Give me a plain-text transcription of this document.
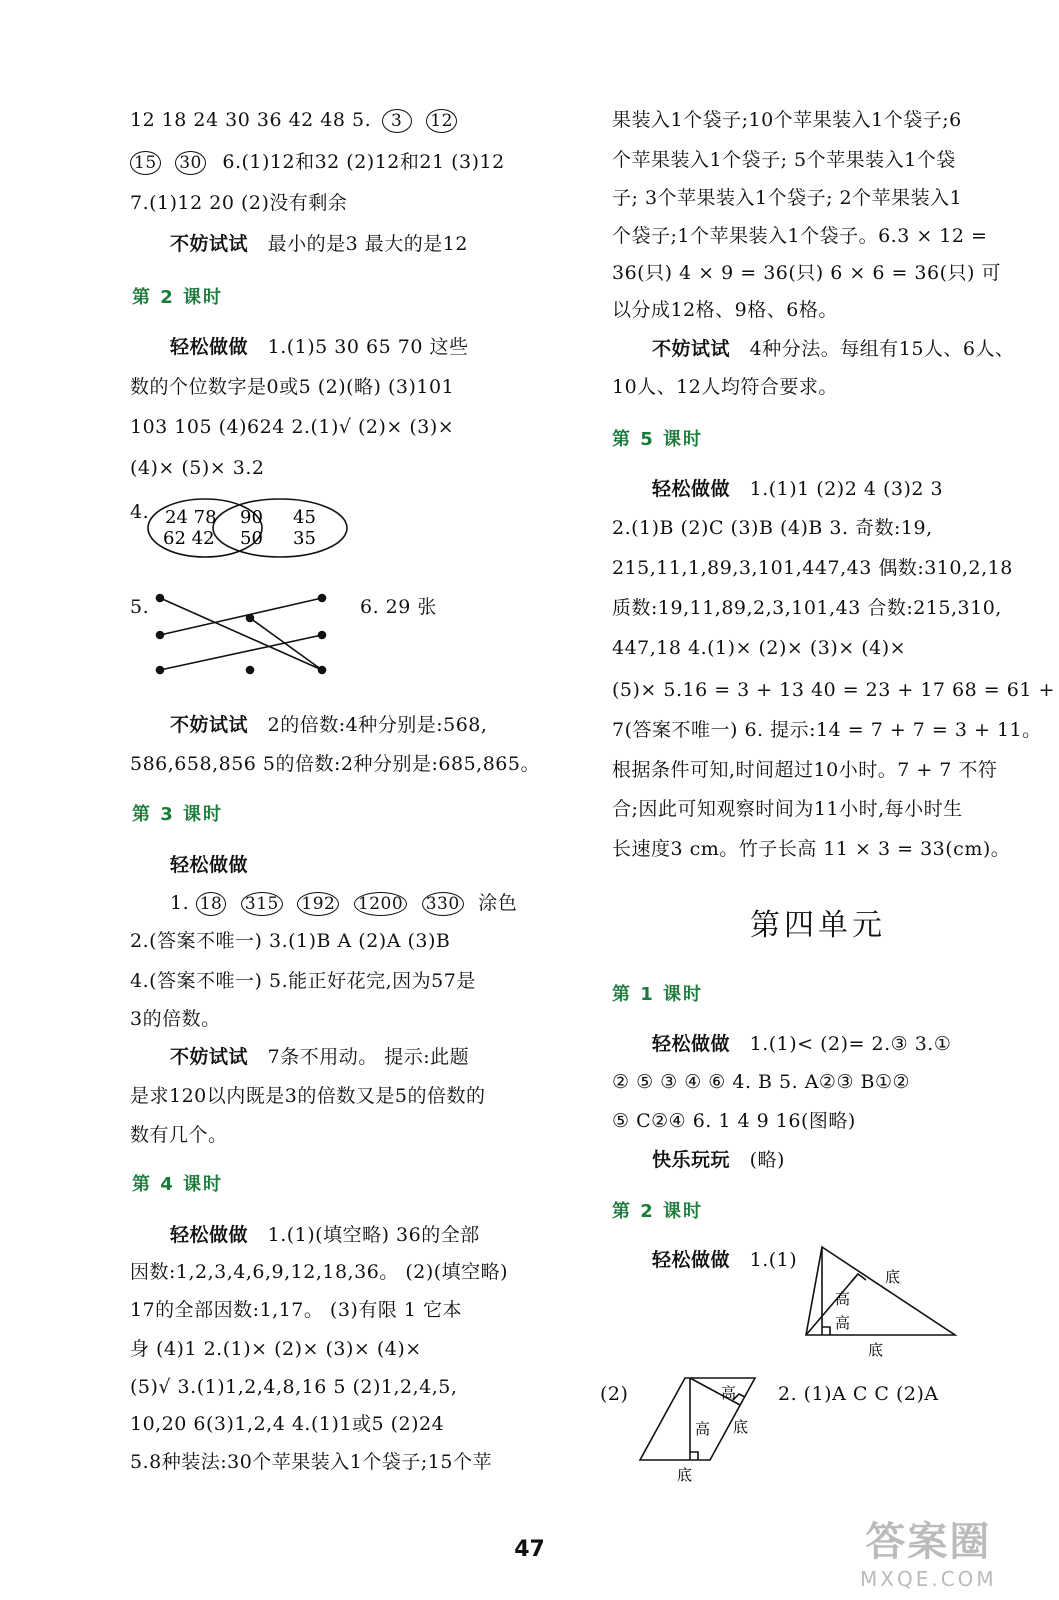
12 18 24 30 36 42 48 5. 3 12
15 30 6.(1)12和32 (2)12和21 (3)12
7.(1)12 20 (2)没有剩余
不妨试试 最小的是3 最大的是12
第 2 课时
轻松做做 1.(1)5 30 65 70 这些
数的个位数字是0或5 (2)(略) (3)101
103 105 (4)624 2.(1)√ (2)× (3)×
(4)× (5)× 3.2
4. 24 78
62 42
90
50
45
35
5.	6. 29 张
不妨试试 2的倍数:4种分别是:568,
586,658,856 5的倍数:2种分别是:685,865。
第 3 课时
轻松做做
1. 18 315 192 1200 330 涂色
2.(答案不唯一) 3.(1)B A (2)A (3)B
4.(答案不唯一) 5.能正好花完,因为57是
3的倍数。
不妨试试 7条不用动。 提示:此题
是求120以内既是3的倍数又是5的倍数的
数有几个。
第 4 课时
轻松做做 1.(1)(填空略) 36的全部
因数:1,2,3,4,6,9,12,18,36。 (2)(填空略)
17的全部因数:1,17。 (3)有限 1 它本
身 (4)1 2.(1)× (2)× (3)× (4)×
(5)√ 3.(1)1,2,4,8,16 5 (2)1,2,4,5,
10,20 6(3)1,2,4 4.(1)1或5 (2)24
5.8种装法:30个苹果装入1个袋子;15个苹
果装入1个袋子;10个苹果装入1个袋子;6
个苹果装入1个袋子; 5个苹果装入1个袋
子; 3个苹果装入1个袋子; 2个苹果装入1
个袋子;1个苹果装入1个袋子。6.3 × 12 =
36(只) 4 × 9 = 36(只) 6 × 6 = 36(只) 可
以分成12格、9格、6格。
不妨试试 4种分法。每组有15人、6人、
10人、12人均符合要求。
第 5 课时
轻松做做 1.(1)1 (2)2 4 (3)2 3
2.(1)B (2)C (3)B (4)B 3. 奇数:19,
215,11,1,89,3,101,447,43 偶数:310,2,18
质数:19,11,89,2,3,101,43 合数:215,310,
447,18 4.(1)× (2)× (3)× (4)×
(5)× 5.16 = 3 + 13 40 = 23 + 17 68 = 61 +
7(答案不唯一) 6. 提示:14 = 7 + 7 = 3 + 11。
根据条件可知,时间超过10小时。7 + 7 不符
合;因此可知观察时间为11小时,每小时生
长速度3 cm。竹子长高 11 × 3 = 33(cm)。
第四单元
第 1 课时
轻松做做 1.(1)< (2)= 2.③ 3.①
② ⑤ ③ ④ ⑥ 4. B 5. A②③ B①②
⑤ C②④ 6. 1 4 9 16(图略)
快乐玩玩 (略)
第 2 课时
轻松做做 1.(1)
底
高
高
底
(2)	高
高 底
底
2. (1)A C C (2)A
47	答案圈
MXQE.COM
